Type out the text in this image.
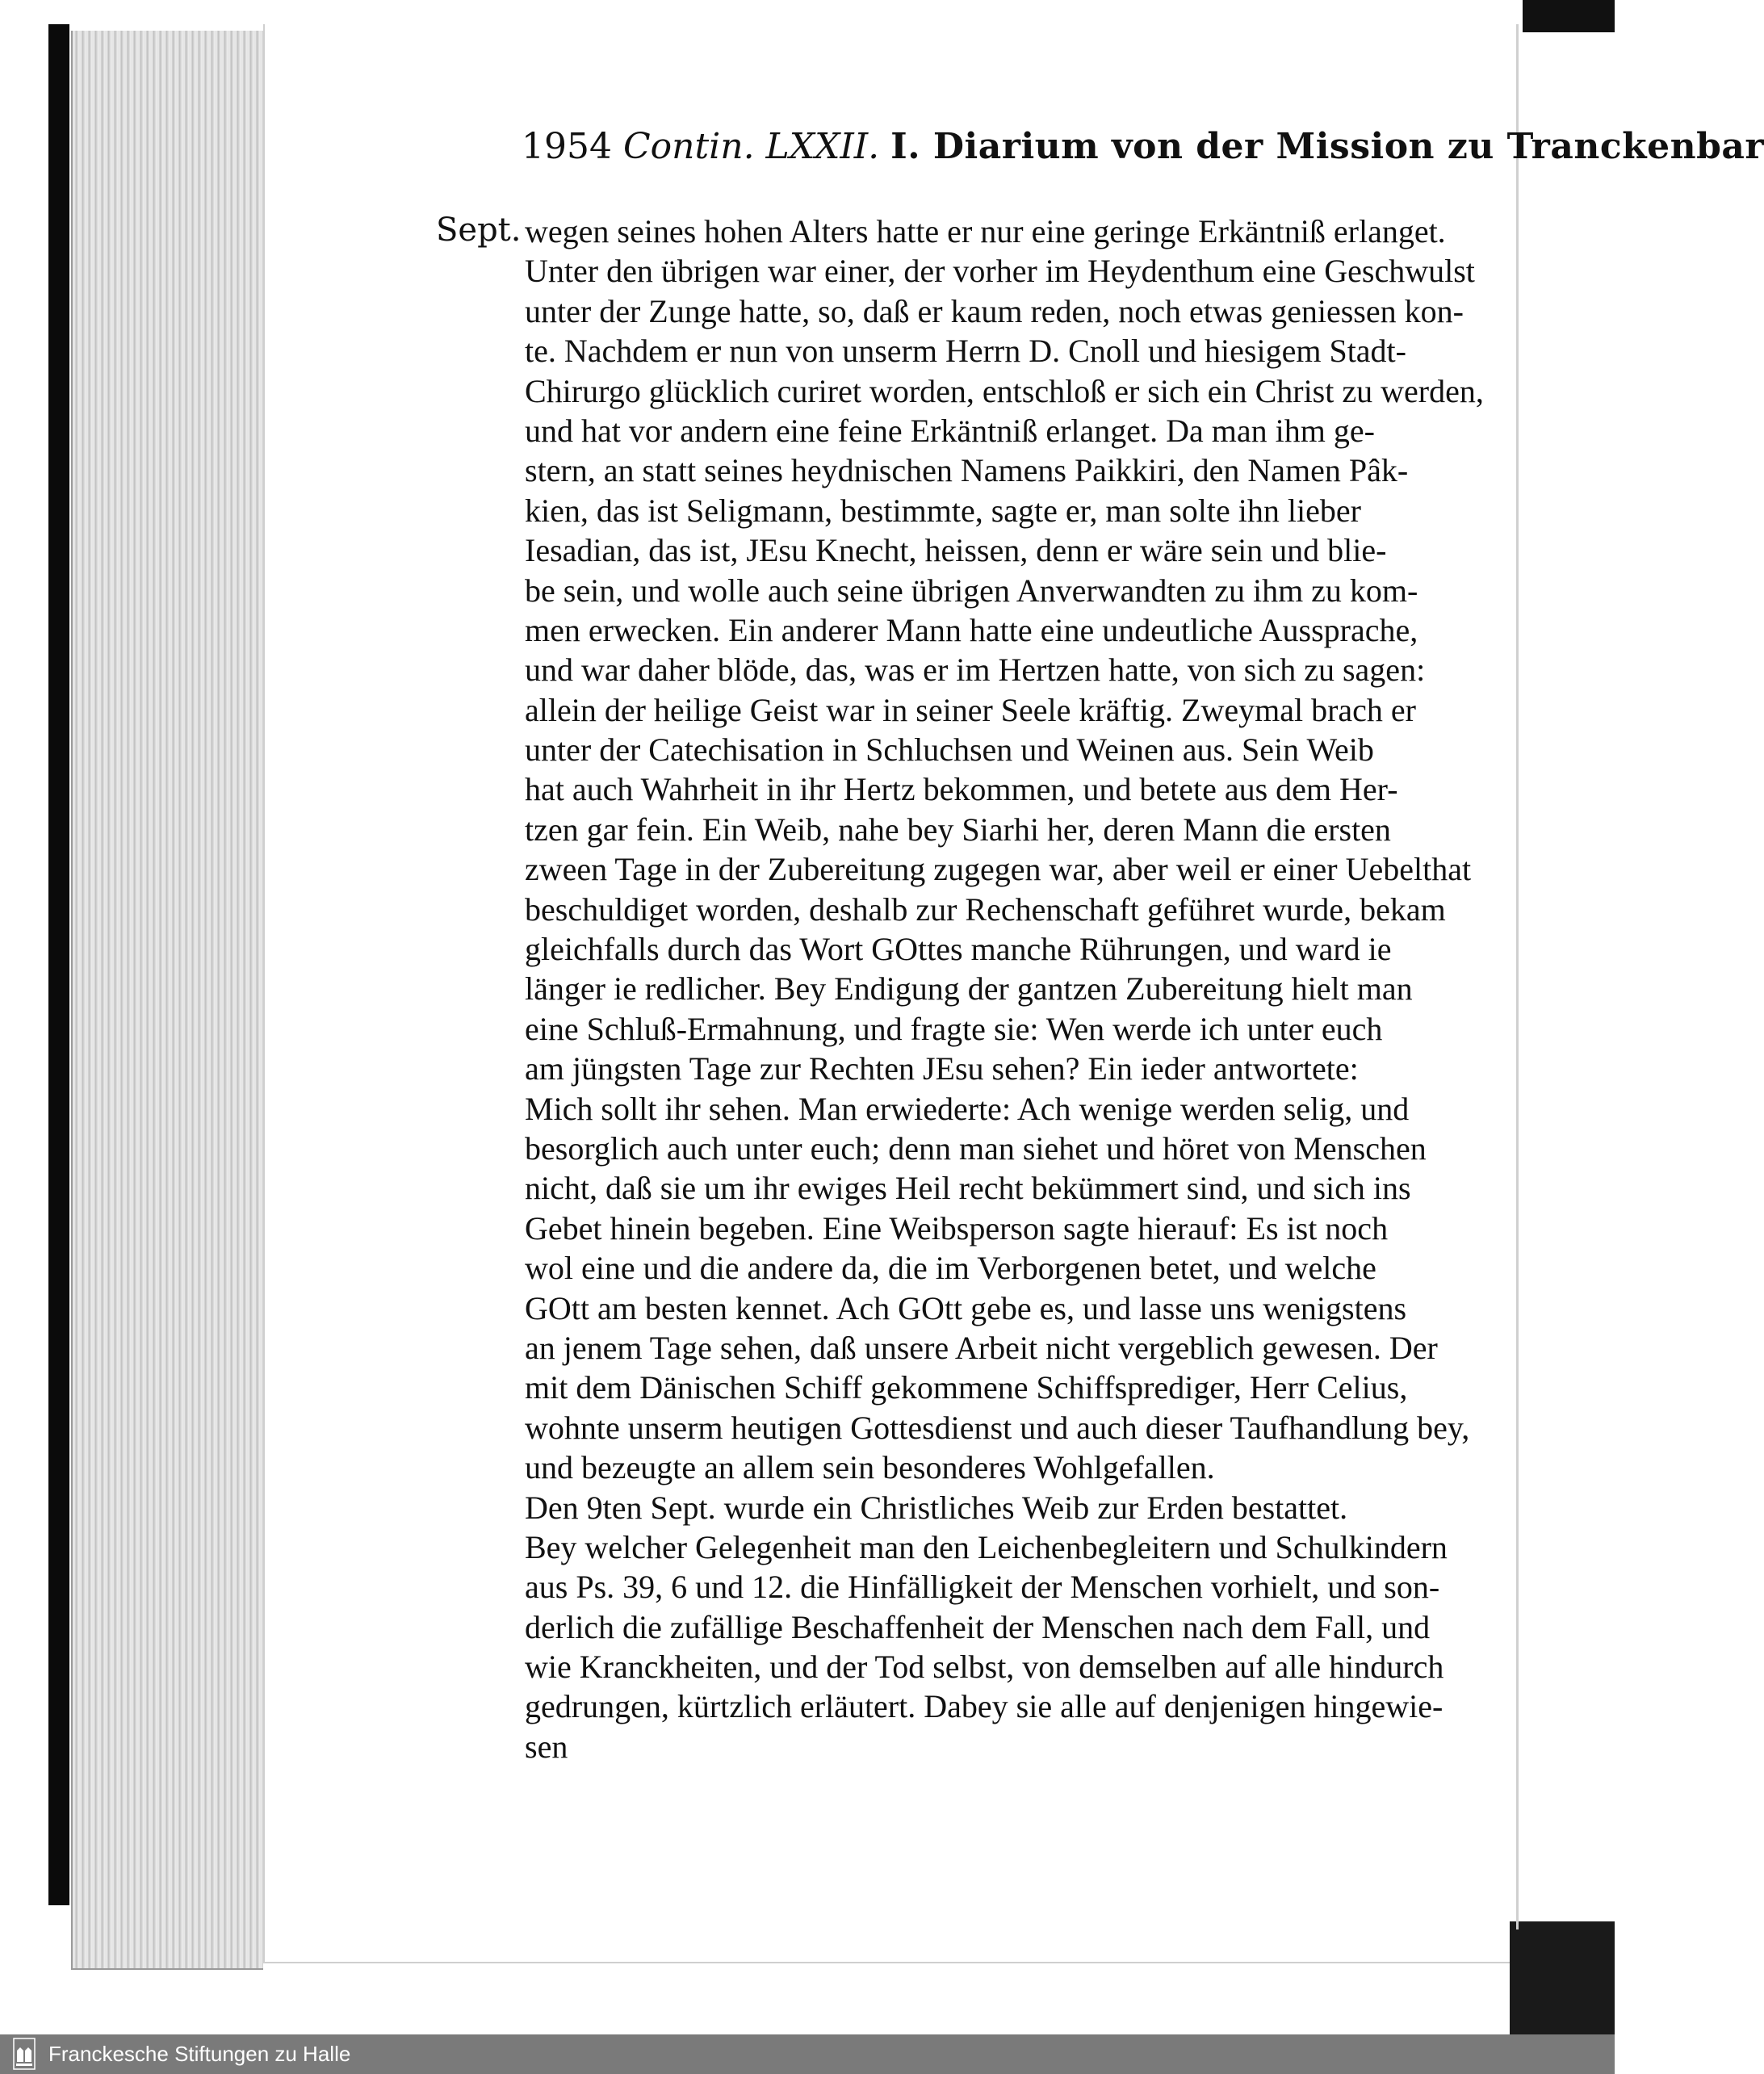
1954 Contin. LXXII. I. Diarium von der Mission zu Tranckenbar
Sept. wegen seines hohen Alters hatte er nur eine geringe Erkäntniß erlanget.
Unter den übrigen war einer, der vorher im Heydenthum eine Geschwulst
unter der Zunge hatte, so, daß er kaum reden, noch etwas geniessen kon-
te. Nachdem er nun von unserm Herrn D. Cnoll und hiesigem Stadt-
Chirurgo glücklich curiret worden, entschloß er sich ein Christ zu werden,
und hat vor andern eine feine Erkäntniß erlanget. Da man ihm ge-
stern, an statt seines heydnischen Namens Paikkiri, den Namen Pâk-
kien, das ist Seligmann, bestimmte, sagte er, man solte ihn lieber
Iesadian, das ist, JEsu Knecht, heissen, denn er wäre sein und blie-
be sein, und wolle auch seine übrigen Anverwandten zu ihm zu kom-
men erwecken. Ein anderer Mann hatte eine undeutliche Aussprache,
und war daher blöde, das, was er im Hertzen hatte, von sich zu sagen:
allein der heilige Geist war in seiner Seele kräftig. Zweymal brach er
unter der Catechisation in Schluchsen und Weinen aus. Sein Weib
hat auch Wahrheit in ihr Hertz bekommen, und betete aus dem Her-
tzen gar fein. Ein Weib, nahe bey Siarhi her, deren Mann die ersten
zween Tage in der Zubereitung zugegen war, aber weil er einer Uebelthat
beschuldiget worden, deshalb zur Rechenschaft geführet wurde, bekam
gleichfalls durch das Wort GOttes manche Rührungen, und ward ie
länger ie redlicher. Bey Endigung der gantzen Zubereitung hielt man
eine Schluß-Ermahnung, und fragte sie: Wen werde ich unter euch
am jüngsten Tage zur Rechten JEsu sehen? Ein ieder antwortete:
Mich sollt ihr sehen. Man erwiederte: Ach wenige werden selig, und
besorglich auch unter euch; denn man siehet und höret von Menschen
nicht, daß sie um ihr ewiges Heil recht bekümmert sind, und sich ins
Gebet hinein begeben. Eine Weibsperson sagte hierauf: Es ist noch
wol eine und die andere da, die im Verborgenen betet, und welche
GOtt am besten kennet. Ach GOtt gebe es, und lasse uns wenigstens
an jenem Tage sehen, daß unsere Arbeit nicht vergeblich gewesen. Der
mit dem Dänischen Schiff gekommene Schiffsprediger, Herr Celius,
wohnte unserm heutigen Gottesdienst und auch dieser Taufhandlung bey,
und bezeugte an allem sein besonderes Wohlgefallen.
Den 9ten Sept. wurde ein Christliches Weib zur Erden bestattet.
Bey welcher Gelegenheit man den Leichenbegleitern und Schulkindern
aus Ps. 39, 6 und 12. die Hinfälligkeit der Menschen vorhielt, und son-
derlich die zufällige Beschaffenheit der Menschen nach dem Fall, und
wie Kranckheiten, und der Tod selbst, von demselben auf alle hindurch
gedrungen, kürtzlich erläutert. Dabey sie alle auf denjenigen hingewie-
sen
Franckesche Stiftungen zu Halle
